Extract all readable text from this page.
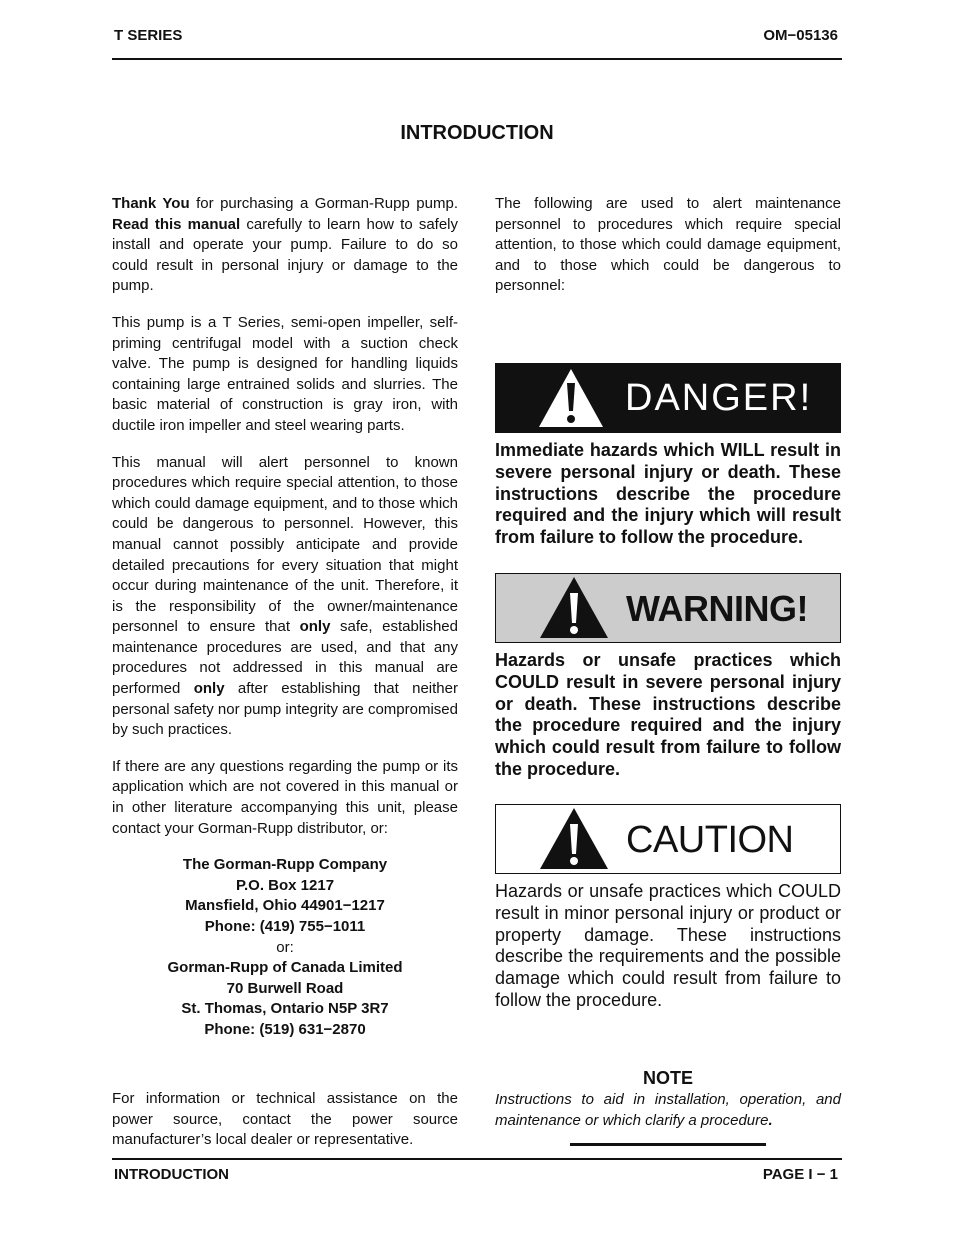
T SERIES	OM−05136
INTRODUCTION

Thank You for purchasing a Gorman-Rupp pump. Read this manual carefully to learn how to safely install and operate your pump. Failure to do so could result in personal injury or damage to the pump.

This pump is a T Series, semi-open impeller, self-priming centrifugal model with a suction check valve. The pump is designed for handling liquids containing large entrained solids and slurries. The basic material of construction is gray iron, with ductile iron impeller and steel wearing parts.

This manual will alert personnel to known procedures which require special attention, to those which could damage equipment, and to those which could be dangerous to personnel. However, this manual cannot possibly anticipate and provide detailed precautions for every situation that might occur during maintenance of the unit. Therefore, it is the responsibility of the owner/maintenance personnel to ensure that only safe, established maintenance procedures are used, and that any procedures not addressed in this manual are performed only after establishing that neither personal safety nor pump integrity are compromised by such practices.

If there are any questions regarding the pump or its application which are not covered in this manual or in other literature accompanying this unit, please contact your Gorman-Rupp distributor, or:

The Gorman-Rupp Company
P.O. Box 1217
Mansfield, Ohio 44901−1217
Phone: (419) 755−1011
or:
Gorman-Rupp of Canada Limited
70 Burwell Road
St. Thomas, Ontario N5P 3R7
Phone: (519) 631−2870
For information or technical assistance on the power source, contact the power source manufacturer’s local dealer or representative.
The following are used to alert maintenance personnel to procedures which require special attention, to those which could damage equipment, and to those which could be dangerous to personnel:
DANGER!
Immediate hazards which WILL result in severe personal injury or death. These instructions describe the procedure required and the injury which will result from failure to follow the procedure.
WARNING!
Hazards or unsafe practices which COULD result in severe personal injury or death. These instructions describe the procedure required and the injury which could result from failure to follow the procedure.
CAUTION
Hazards or unsafe practices which COULD result in minor personal injury or product or property damage. These instructions describe the requirements and the possible damage which could result from failure to follow the procedure.
NOTE
Instructions to aid in installation, operation, and maintenance or which clarify a procedure.
INTRODUCTION	PAGE I − 1
